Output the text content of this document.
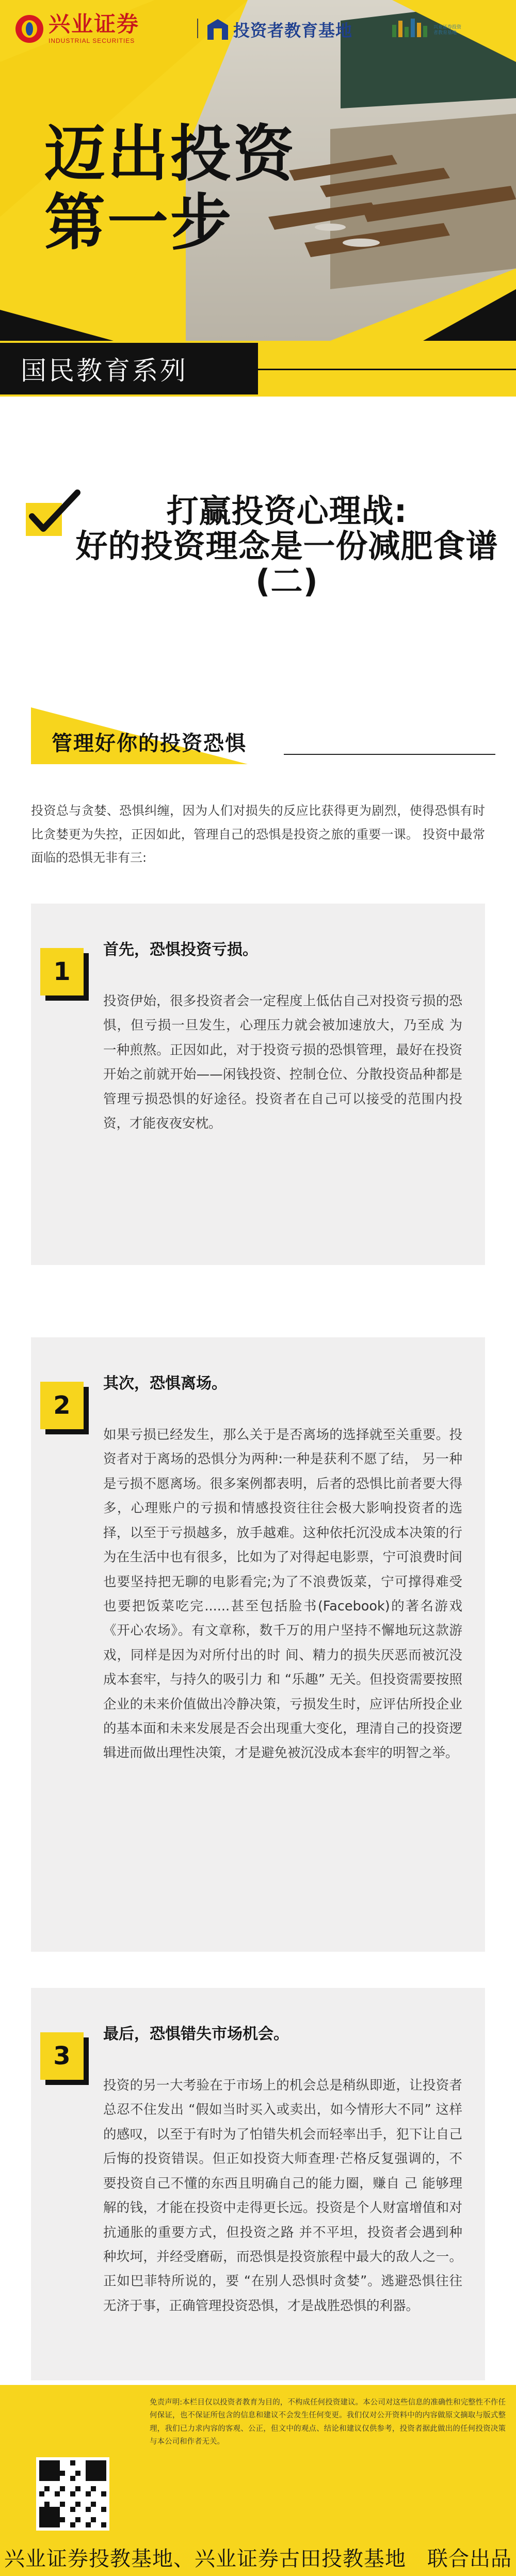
兴业证券
INDUSTRIAL SECURITIES
投资者教育基地	兴业证券投资者教育基地
迈出投资
第一步
国民教育系列
打赢投资心理战:
好的投资理念是一份减肥食谱
(二)
管理好你的投资恐惧

投资总与贪婪、恐惧纠缠，因为人们对损失的反应比获得更为剧烈，使得恐惧有时比贪婪更为失控，正因如此，管理自己的恐惧是投资之旅的重要一课。 投资中最常面临的恐惧无非有三:

1
首先，恐惧投资亏损。

投资伊始，很多投资者会一定程度上低估自己对投资亏损的恐惧，但亏损一旦发生，心理压力就会被加速放大，乃至成 为一种煎熬。正因如此，对于投资亏损的恐惧管理，最好在投资开始之前就开始——闲钱投资、控制仓位、分散投资品种都是管理亏损恐惧的好途径。投资者在自己可以接受的范围内投资，才能夜夜安枕。

2
其次，恐惧离场。

如果亏损已经发生，那么关于是否离场的选择就至关重要。投资者对于离场的恐惧分为两种:一种是获利不愿了结， 另一种是亏损不愿离场。很多案例都表明，后者的恐惧比前者要大得多，心理账户的亏损和情感投资往往会极大影响投资者的选择，以至于亏损越多，放手越难。这种依托沉没成本决策的行为在生活中也有很多，比如为了对得起电影票，宁可浪费时间也要坚持把无聊的电影看完;为了不浪费饭菜，宁可撑得难受也要把饭菜吃完......甚至包括脸书(Facebook)的著名游戏《开心农场》。有文章称，数千万的用户坚持不懈地玩这款游戏，同样是因为对所付出的时 间、精力的损失厌恶而被沉没成本套牢，与持久的吸引力 和 “乐趣” 无关。但投资需要按照企业的未来价值做出冷静决策，亏损发生时，应评估所投企业的基本面和未来发展是否会出现重大变化，理清自己的投资逻辑进而做出理性决策，才是避免被沉没成本套牢的明智之举。

3
最后，恐惧错失市场机会。

投资的另一大考验在于市场上的机会总是稍纵即逝，让投资者总忍不住发出 “假如当时买入或卖出，如今情形大不同” 这样的感叹，以至于有时为了怕错失机会而轻率出手，犯下让自己后悔的投资错误。但正如投资大师查理·芒格反复强调的，不要投资自己不懂的东西且明确自己的能力圈，赚自 己 能够理解的钱，才能在投资中走得更长远。投资是个人财富增值和对抗通胀的重要方式，但投资之路 并不平坦，投资者会遇到种种坎坷，并经受磨砺，而恐惧是投资旅程中最大的敌人之一。正如巴菲特所说的，要 “在别人恐惧时贪婪”。逃避恐惧往往无济于事，正确管理投资恐惧，才是战胜恐惧的利器。

免责声明:本栏目仅以投资者教育为目的，不构成任何投资建议。本公司对这些信息的准确性和完整性不作任何保证，也不保证所包含的信息和建议不会发生任何变更。我们仅对公开资料中的内容做原文摘取与版式整理，我们已力求内容的客观、公正，但文中的观点、结论和建议仅供参考，投资者据此做出的任何投资决策与本公司和作者无关。

兴业证券投教基地、兴业证券古田投教基地　联合出品
